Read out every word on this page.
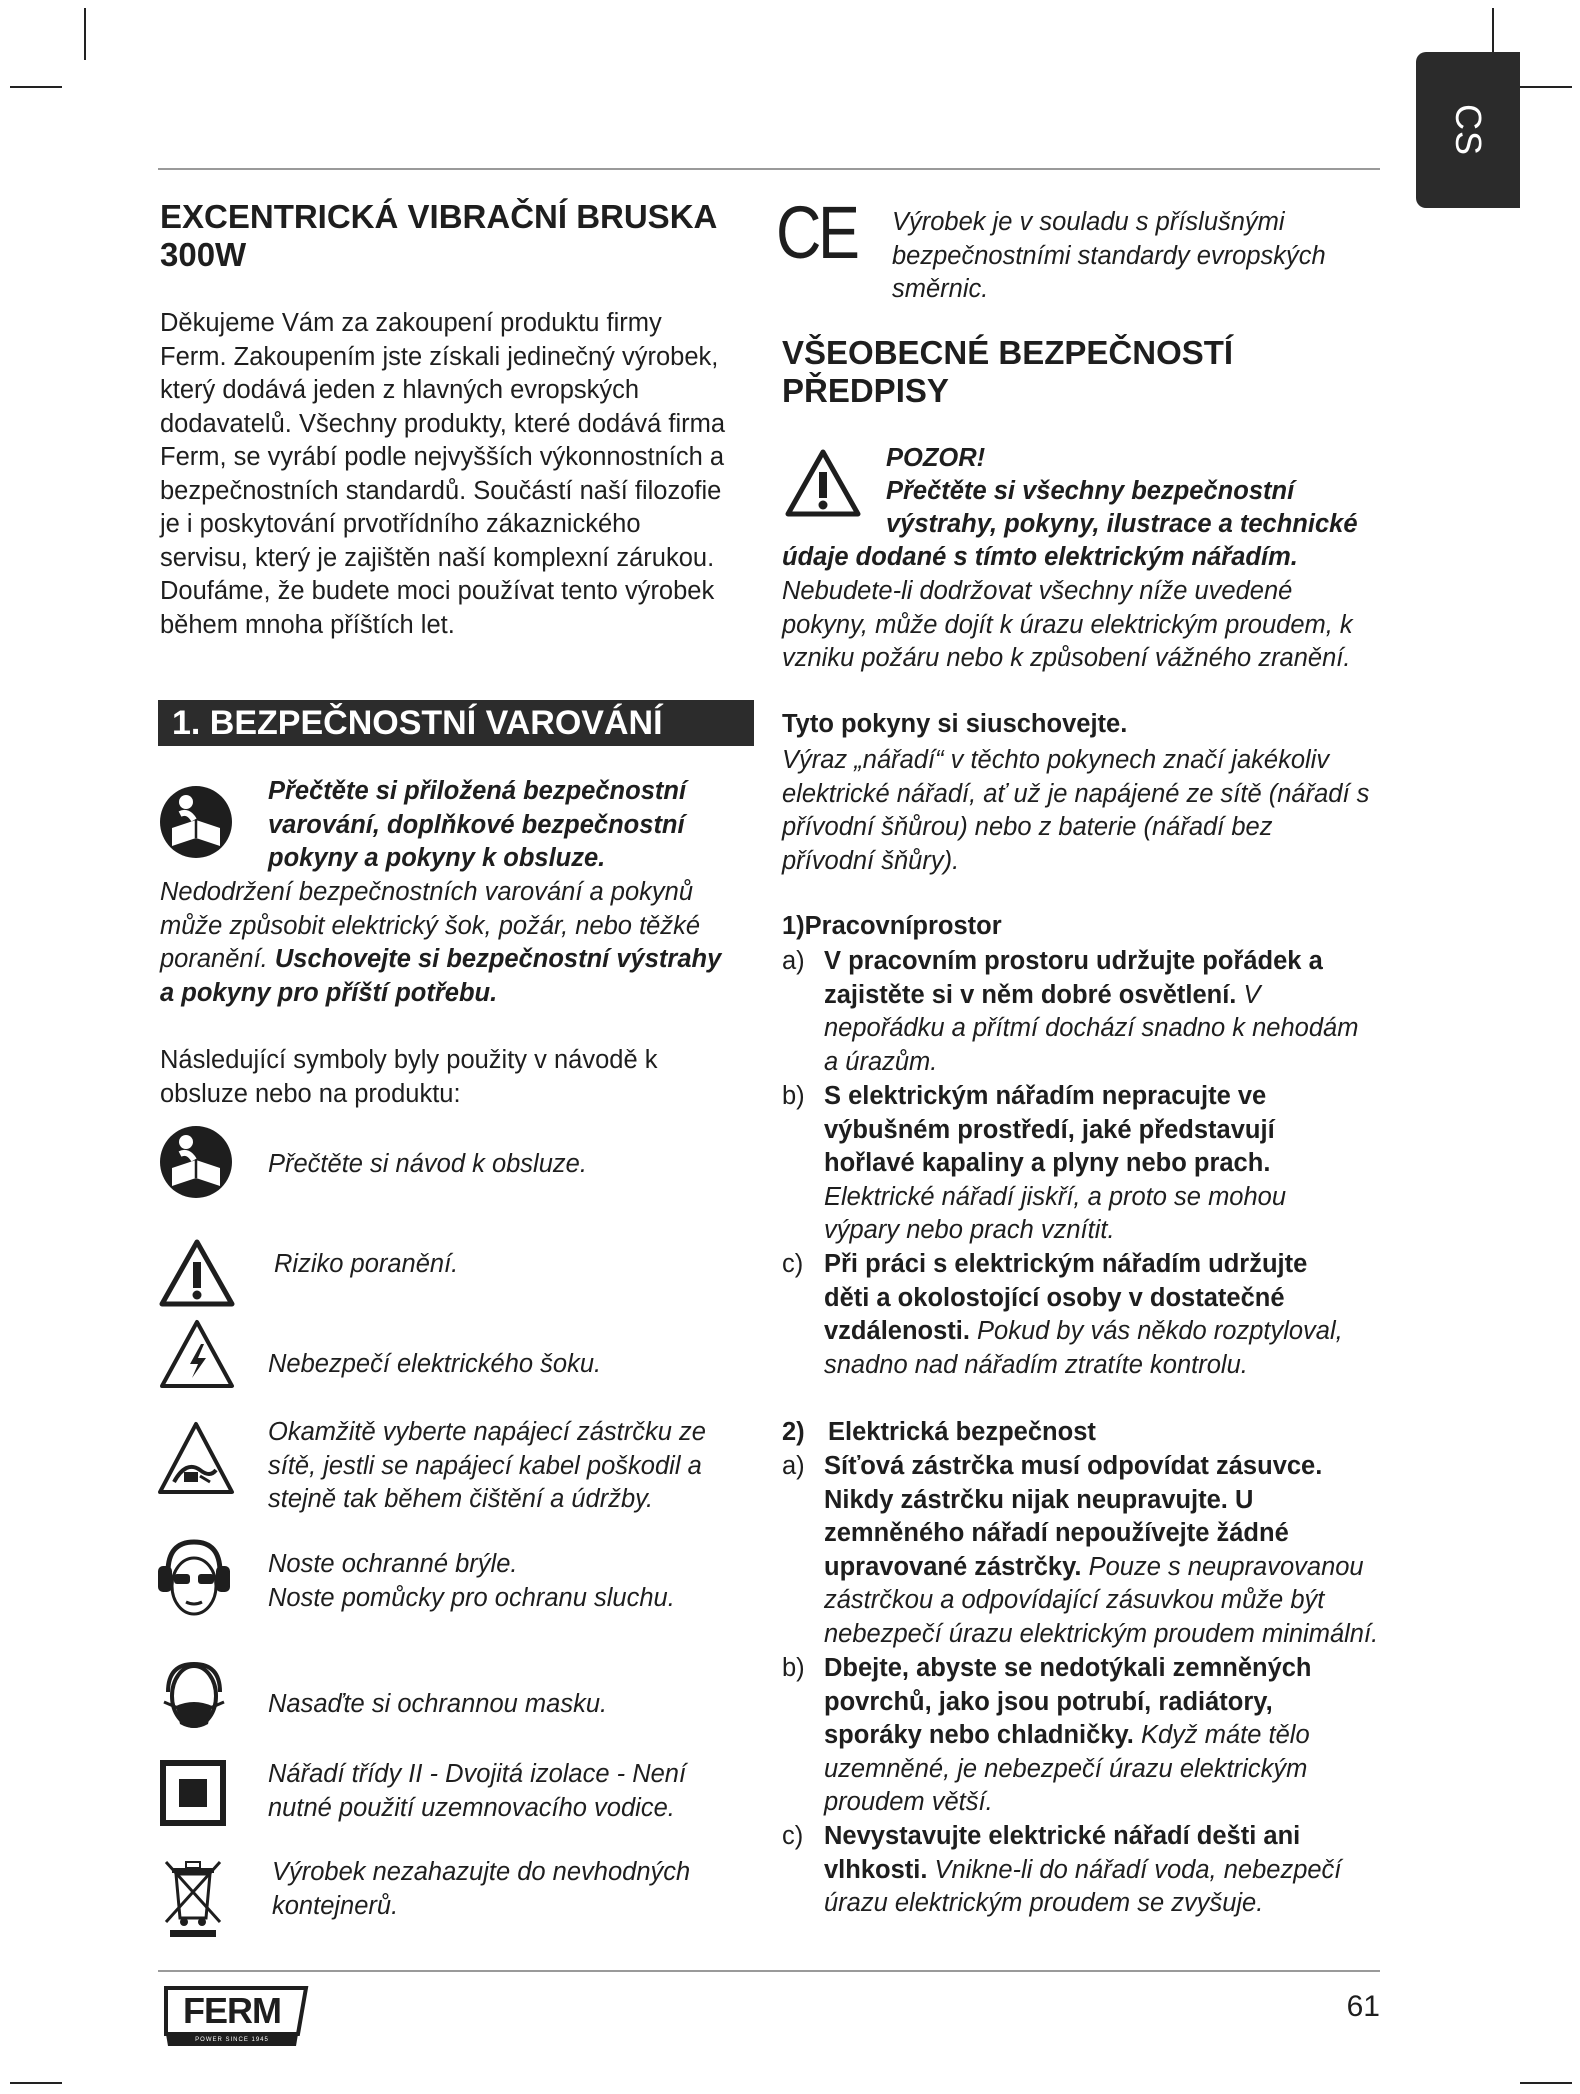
CS
EXCENTRICKÁ VIBRAČNÍ BRUSKA
300W
Děkujeme Vám za zakoupení produktu firmy
Ferm. Zakoupením jste získali jedinečný výrobek,
který dodává jeden z hlavných evropských
dodavatelů. Všechny produkty, které dodává firma
Ferm, se vyrábí podle nejvyšších výkonnostních a
bezpečnostních standardů. Součástí naší filozofie
je i poskytování prvotřídního zákaznického
servisu, který je zajištěn naší komplexní zárukou.
Doufáme, že budete moci používat tento výrobek
během mnoha příštích let.
1. BEZPEČNOSTNÍ VAROVÁNÍ
Přečtěte si přiložená bezpečnostní
varování, doplňkové bezpečnostní
pokyny a pokyny k obsluze.
Nedodržení bezpečnostních varování a pokynů
může způsobit elektrický šok, požár, nebo těžké
poranění. Uschovejte si bezpečnostní výstrahy
a pokyny pro příští potřebu.
Následující symboly byly použity v návodě k
obsluze nebo na produktu:
Přečtěte si návod k obsluze.
Riziko poranění.
Nebezpečí elektrického šoku.
Okamžitě vyberte napájecí zástrčku ze
sítě, jestli se napájecí kabel poškodil a
stejně tak během čištění a údržby.
Noste ochranné brýle.
Noste pomůcky pro ochranu sluchu.
Nasaďte si ochrannou masku.
Nářadí třídy II - Dvojitá izolace - Není
nutné použití uzemnovacího vodice.
Výrobek nezahazujte do nevhodných
kontejnerů.
CE Výrobek je v souladu s příslušnými
bezpečnostními standardy evropských
směrnic.
VŠEOBECNÉ BEZPEČNOSTÍ
PŘEDPISY
POZOR!
Přečtěte si všechny bezpečnostní
výstrahy, pokyny, ilustrace a technické
údaje dodané s tímto elektrickým nářadím.
Nebudete-li dodržovat všechny níže uvedené
pokyny, může dojít k úrazu elektrickým proudem, k
vzniku požáru nebo k způsobení vážného zranění.
Tyto pokyny si siuschovejte.
Výraz „nářadí“ v těchto pokynech značí jakékoliv
elektrické nářadí, ať už je napájené ze sítě (nářadí s
přívodní šňůrou) nebo z baterie (nářadí bez
přívodní šňůry).
1)Pracovníprostor
a) V pracovním prostoru udržujte pořádek a
zajistěte si v něm dobré osvětlení. V
nepořádku a přítmí dochází snadno k nehodám
a úrazům.
b) S elektrickým nářadím nepracujte ve
výbušném prostředí, jaké představují
hořlavé kapaliny a plyny nebo prach.
Elektrické nářadí jiskří, a proto se mohou
výpary nebo prach vznítit.
c) Při práci s elektrickým nářadím udržujte
děti a okolostojící osoby v dostatečné
vzdálenosti. Pokud by vás někdo rozptyloval,
snadno nad nářadím ztratíte kontrolu.
2) Elektrická bezpečnost
a) Síťová zástrčka musí odpovídat zásuvce.
Nikdy zástrčku nijak neupravujte. U
zemněného nářadí nepoužívejte žádné
upravované zástrčky. Pouze s neupravovanou
zástrčkou a odpovídající zásuvkou může být
nebezpečí úrazu elektrickým proudem minimální.
b) Dbejte, abyste se nedotýkali zemněných
povrchů, jako jsou potrubí, radiátory,
sporáky nebo chladničky. Když máte tělo
uzemněné, je nebezpečí úrazu elektrickým
proudem větší.
c) Nevystavujte elektrické nářadí dešti ani
vlhkosti. Vnikne-li do nářadí voda, nebezpečí
úrazu elektrickým proudem se zvyšuje.
FERM
POWER SINCE 1945
61
